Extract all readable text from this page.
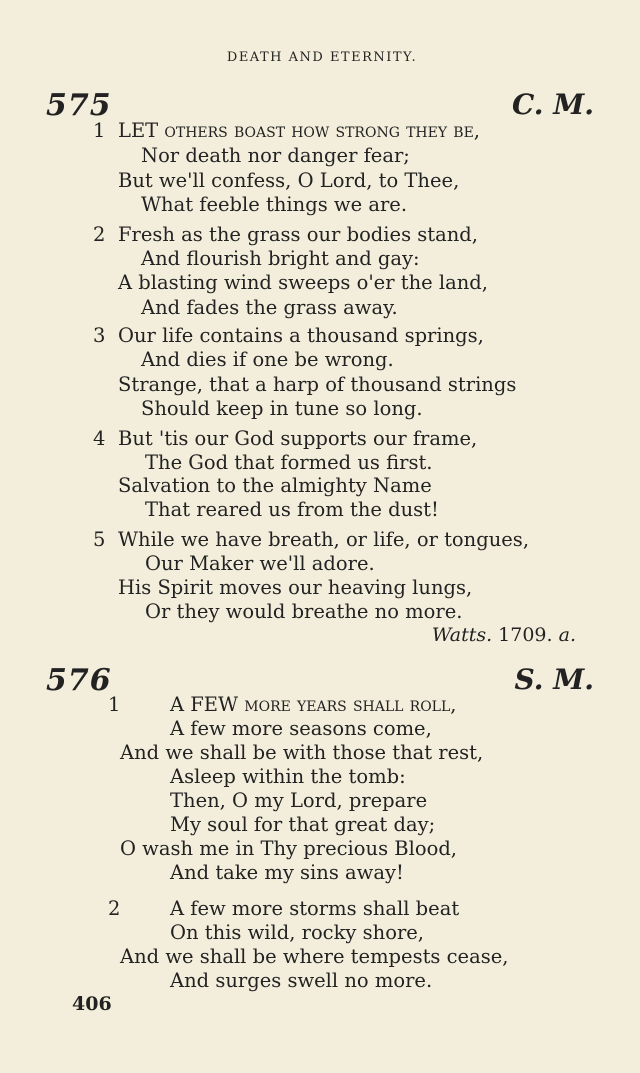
DEATH AND ETERNITY.
575	C. M.
1 LET others boast how strong they be,
Nor death nor danger fear;
But we'll confess, O Lord, to Thee,
What feeble things we are.
2 Fresh as the grass our bodies stand,
And flourish bright and gay:
A blasting wind sweeps o'er the land,
And fades the grass away.
3 Our life contains a thousand springs,
And dies if one be wrong.
Strange, that a harp of thousand strings
Should keep in tune so long.
4 But 'tis our God supports our frame,
The God that formed us first.
Salvation to the almighty Name
That reared us from the dust!
5 While we have breath, or life, or tongues,
Our Maker we'll adore.
His Spirit moves our heaving lungs,
Or they would breathe no more.
Watts. 1709. a.
576	S. M.
1	A FEW more years shall roll,
A few more seasons come,
And we shall be with those that rest,
Asleep within the tomb:
Then, O my Lord, prepare
My soul for that great day;
O wash me in Thy precious Blood,
And take my sins away!
2	A few more storms shall beat
On this wild, rocky shore,
And we shall be where tempests cease,
And surges swell no more.
406
